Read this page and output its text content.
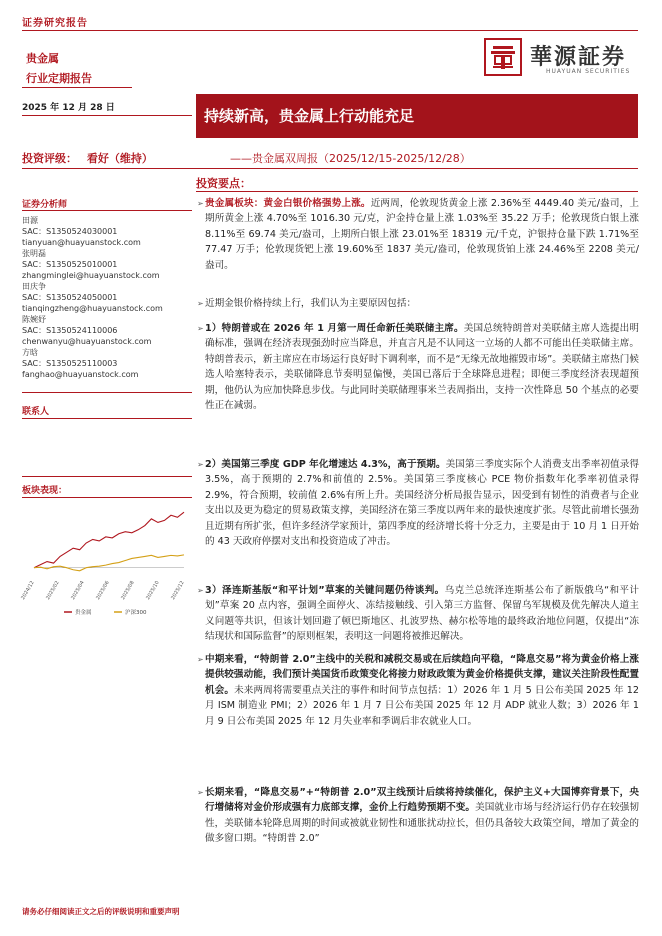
证券研究报告
贵金属
行业定期报告
華源証券
HUAYUAN SECURITIES
2025 年 12 月 28 日	持续新高，贵金属上行动能充足
投资评级： 看好（维持）	——贵金属双周报（2025/12/15-2025/12/28）
证券分析师
田源
SAC：S1350524030001
tianyuan@huayuanstock.com
张明磊
SAC：S1350525010001
zhangminglei@huayuanstock.com
田庆争
SAC：S1350524050001
tianqingzheng@huayuanstock.com
陈婉妤
SAC：S1350524110006
chenwanyu@huayuanstock.com
方晗
SAC：S1350525110003
fanghao@huayuanstock.com
联系人
板块表现：
2024/12 2025/02 2025/04 2025/06 2025/08 2025/10 2025/12
贵金属	沪深300
投资要点：
➢ 贵金属板块：黄金白银价格强势上涨。近两周，伦敦现货黄金上涨 2.36%至 4449.40 美元/盎司，上期所黄金上涨 4.70%至 1016.30 元/克，沪金持仓量上涨 1.03%至 35.22 万手；伦敦现货白银上涨 8.11%至 69.74 美元/盎司，上期所白银上涨 23.01%至 18319 元/千克，沪银持仓量下跌 1.71%至 77.47 万手；伦敦现货钯上涨 19.60%至 1837 美元/盎司，伦敦现货铂上涨 24.46%至 2208 美元/盎司。
➢ 近期金银价格持续上行，我们认为主要原因包括：
➢ 1）特朗普或在 2026 年 1 月第一周任命新任美联储主席。美国总统特朗普对美联储主席人选提出明确标准，强调在经济表现强劲时应当降息，并直言凡是不认同这一立场的人都不可能出任美联储主席。特朗普表示，新主席应在市场运行良好时下调利率，而不是“无缘无故地摧毁市场”。美联储主席热门候选人哈塞特表示，美联储降息节奏明显偏慢，美国已落后于全球降息进程；即便三季度经济表现超预期，他仍认为应加快降息步伐。与此同时美联储理事米兰表周指出，支持一次性降息 50 个基点的必要性正在减弱。
➢ 2）美国第三季度 GDP 年化增速达 4.3%，高于预期。美国第三季度实际个人消费支出季率初值录得 3.5%，高于预期的 2.7%和前值的 2.5%。美国第三季度核心 PCE 物价指数年化季率初值录得 2.9%，符合预期，较前值 2.6%有所上升。美国经济分析局报告显示，因受到有韧性的消费者与企业支出以及更为稳定的贸易政策支撑，美国经济在第三季度以两年来的最快速度扩张。尽管此前增长强劲且近期有所扩张，但许多经济学家预计，第四季度的经济增长将十分乏力，主要是由于 10 月 1 日开始的 43 天政府停摆对支出和投资造成了冲击。
➢ 3）泽连斯基版“和平计划”草案的关键问题仍待谈判。乌克兰总统泽连斯基公布了新版俄乌“和平计划”草案 20 点内容，强调全面停火、冻结接触线、引入第三方监督、保留乌军规模及优先解决人道主义问题等共识，但该计划回避了顿巴斯地区、扎波罗热、赫尔松等地的最终政治地位问题，仅提出“冻结现状和国际监督”的原则框架，表明这一问题将被推迟解决。
➢ 中期来看，“特朗普 2.0”主线中的关税和减税交易或在后续趋向平稳，“降息交易”将为黄金价格上涨提供较强动能，我们预计美国货币政策变化将接力财政政策为黄金价格提供支撑，建议关注阶段性配置机会。未来两周将需要重点关注的事件和时间节点包括：1）2026 年 1 月 5 日公布美国 2025 年 12 月 ISM 制造业 PMI；2）2026 年 1 月 7 日公布美国 2025 年 12 月 ADP 就业人数；3）2026 年 1 月 9 日公布美国 2025 年 12 月失业率和季调后非农就业人口。
➢ 长期来看，“降息交易”+“特朗普 2.0”双主线预计后续将持续催化，保护主义+大国博弈背景下，央行增储将对金价形成强有力底部支撑，金价上行趋势预期不变。美国就业市场与经济运行仍存在较强韧性，美联储本轮降息周期的时间或被就业韧性和通胀扰动拉长，但仍具备较大政策空间，增加了黄金的做多窗口期。“特朗普 2.0”
请务必仔细阅读正文之后的评级说明和重要声明
